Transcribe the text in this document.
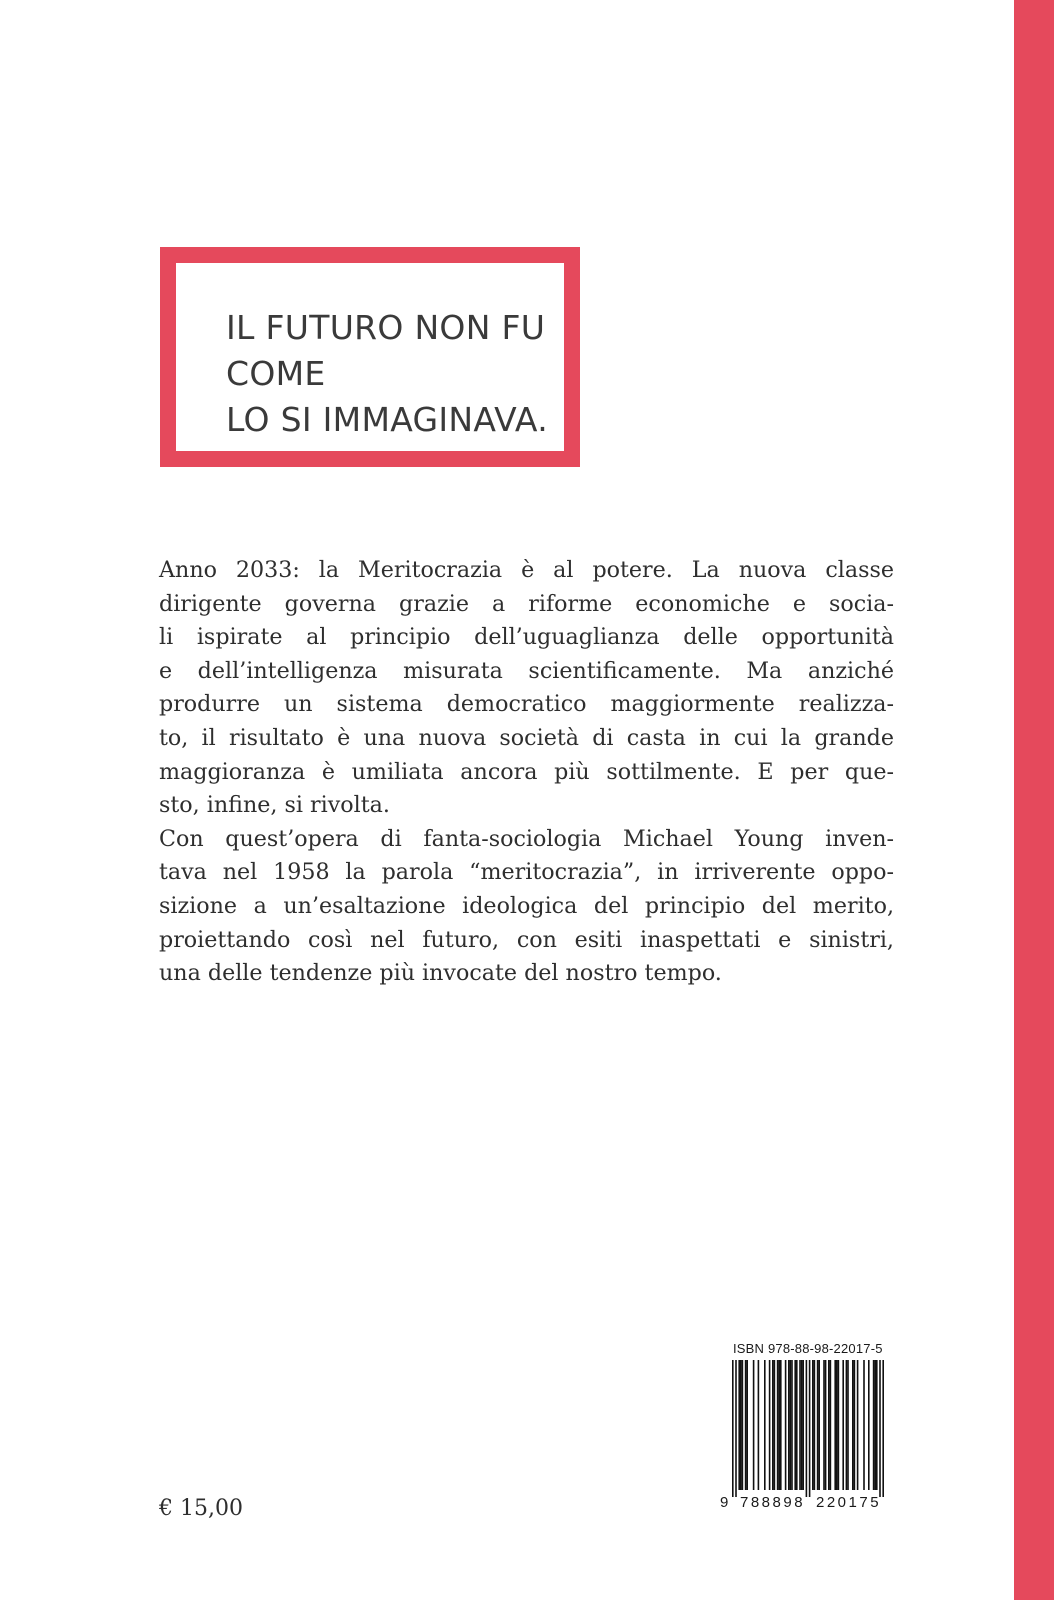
IL FUTURO NON FU
COME
LO SI IMMAGINAVA.
Anno 2033: la Meritocrazia è al potere. La nuova classe
dirigente governa grazie a riforme economiche e socia-
li ispirate al principio dell’uguaglianza delle opportunità
e dell’intelligenza misurata scientificamente. Ma anziché
produrre un sistema democratico maggiormente realizza-
to, il risultato è una nuova società di casta in cui la grande
maggioranza è umiliata ancora più sottilmente. E per que-
sto, infine, si rivolta.
Con quest’opera di fanta-sociologia Michael Young inven-
tava nel 1958 la parola “meritocrazia”, in irriverente oppo-
sizione a un’esaltazione ideologica del principio del merito,
proiettando così nel futuro, con esiti inaspettati e sinistri,
una delle tendenze più invocate del nostro tempo.
ISBN 978-88-98-22017-5
9 788898 220175
€ 15,00
